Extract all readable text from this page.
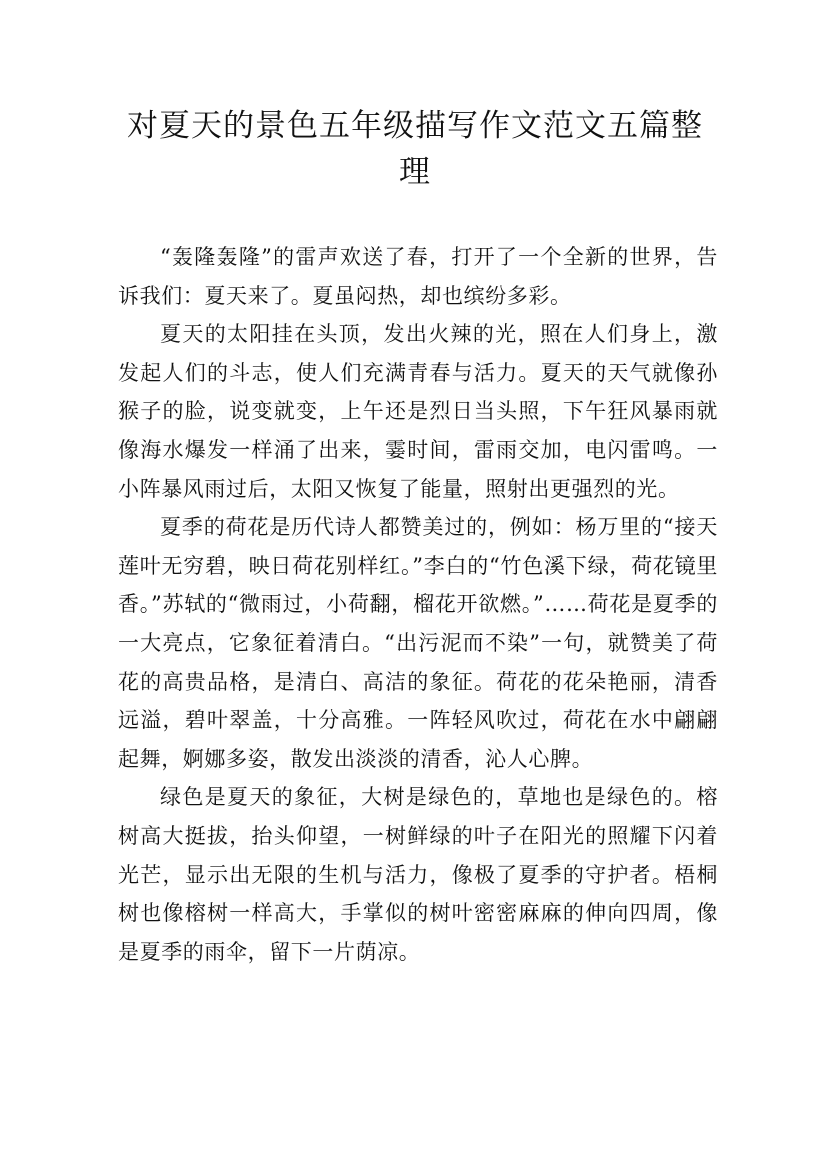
对夏天的景色五年级描写作文范文五篇整理

“轰隆轰隆”的雷声欢送了春，打开了一个全新的世界，告诉我们：夏天来了。夏虽闷热，却也缤纷多彩。

夏天的太阳挂在头顶，发出火辣的光，照在人们身上，激发起人们的斗志，使人们充满青春与活力。夏天的天气就像孙猴子的脸，说变就变，上午还是烈日当头照，下午狂风暴雨就像海水爆发一样涌了出来，霎时间，雷雨交加，电闪雷鸣。一小阵暴风雨过后，太阳又恢复了能量，照射出更强烈的光。

夏季的荷花是历代诗人都赞美过的，例如：杨万里的“接天莲叶无穷碧，映日荷花别样红。”李白的“竹色溪下绿，荷花镜里香。”苏轼的“微雨过，小荷翻，榴花开欲燃。”……荷花是夏季的一大亮点，它象征着清白。“出污泥而不染”一句，就赞美了荷花的高贵品格，是清白、高洁的象征。荷花的花朵艳丽，清香远溢，碧叶翠盖，十分高雅。一阵轻风吹过，荷花在水中翩翩起舞，婀娜多姿，散发出淡淡的清香，沁人心脾。

绿色是夏天的象征，大树是绿色的，草地也是绿色的。榕树高大挺拔，抬头仰望，一树鲜绿的叶子在阳光的照耀下闪着光芒，显示出无限的生机与活力，像极了夏季的守护者。梧桐树也像榕树一样高大，手掌似的树叶密密麻麻的伸向四周，像是夏季的雨伞，留下一片荫凉。
